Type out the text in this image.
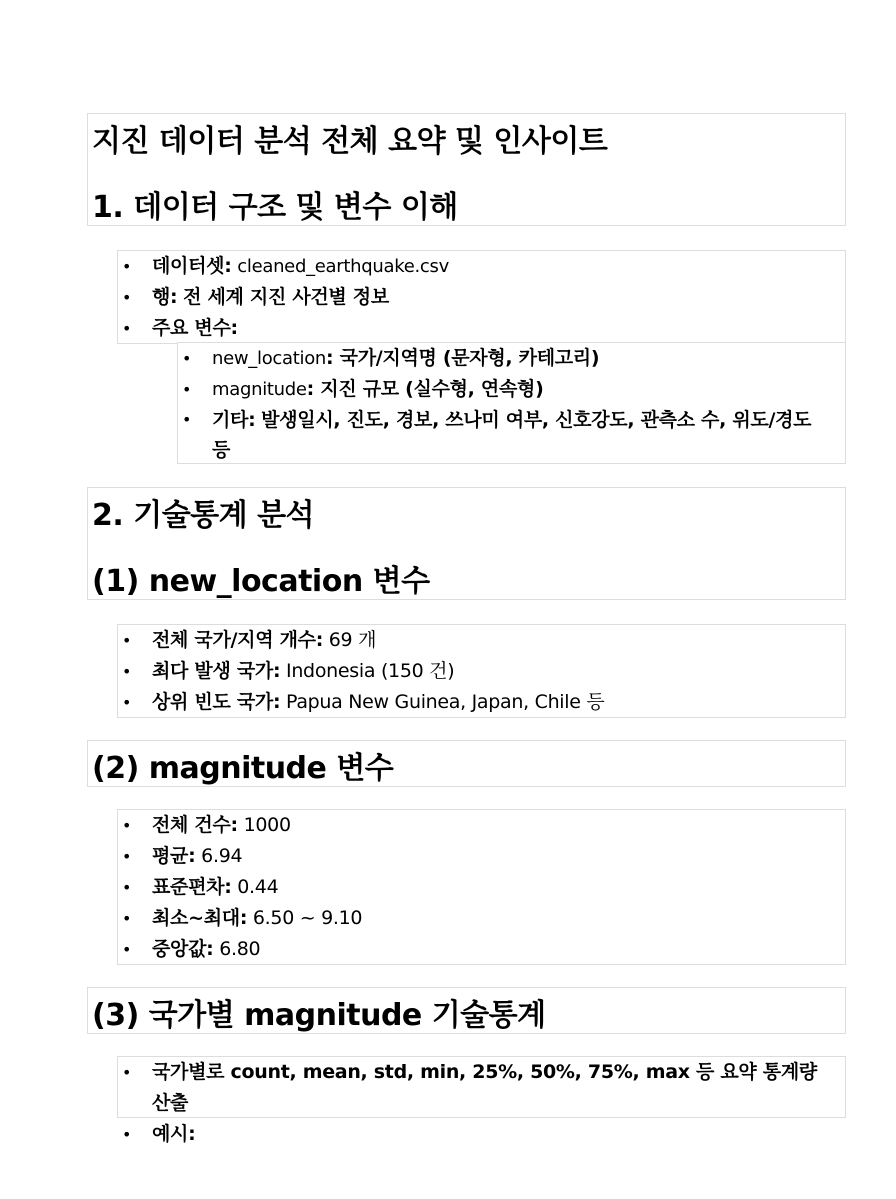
지진 데이터 분석 전체 요약 및 인사이트
1. 데이터 구조 및 변수 이해
• 데이터셋: cleaned_earthquake.csv
• 행: 전 세계 지진 사건별 정보
• 주요 변수:
• new_location: 국가/지역명 (문자형, 카테고리)
• magnitude: 지진 규모 (실수형, 연속형)
• 기타: 발생일시, 진도, 경보, 쓰나미 여부, 신호강도, 관측소 수, 위도/경도 등
2. 기술통계 분석
(1) new_location 변수
• 전체 국가/지역 개수: 69 개
• 최다 발생 국가: Indonesia (150 건)
• 상위 빈도 국가: Papua New Guinea, Japan, Chile 등
(2) magnitude 변수
• 전체 건수: 1000
• 평균: 6.94
• 표준편차: 0.44
• 최소~최대: 6.50 ~ 9.10
• 중앙값: 6.80
(3) 국가별 magnitude 기술통계
• 국가별로 count, mean, std, min, 25%, 50%, 75%, max 등 요약 통계량 산출
• 예시:
